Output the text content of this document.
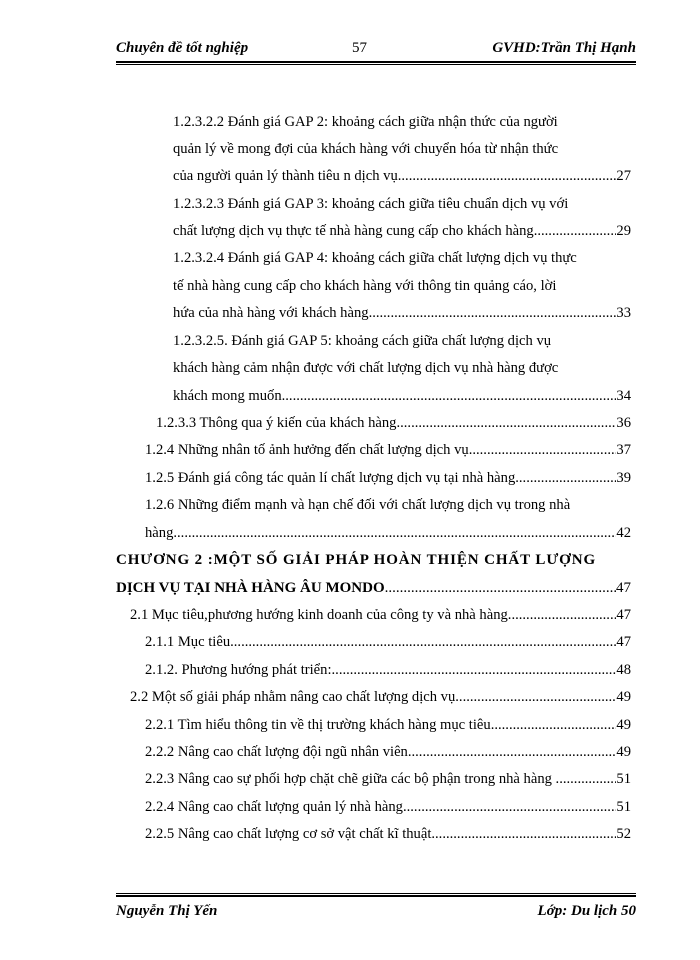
Chuyên đề tốt nghiệp	57	GVHD:Trần Thị Hạnh
1.2.3.2.2 Đánh giá GAP 2: khoảng cách giữa nhận thức của người
quản lý về mong đợi của khách hàng với chuyển hóa từ nhận thức
của người quản lý thành tiêu n dịch vụ. .....	27
1.2.3.2.3 Đánh giá GAP 3: khoảng cách giữa tiêu chuẩn dịch vụ với
chất lượng dịch vụ thực tế nhà hàng cung cấp cho khách hàng. .....	29
1.2.3.2.4 Đánh giá GAP 4: khoảng cách giữa chất lượng dịch vụ thực
tế nhà hàng cung cấp cho khách hàng với thông tin quảng cáo, lời
hứa của nhà hàng với khách hàng .....	33
1.2.3.2.5. Đánh giá GAP 5: khoảng cách giữa chất lượng dịch vụ
khách hàng cảm nhận được với chất lượng dịch vụ nhà hàng được
khách mong muốn. .....	34
1.2.3.3 Thông qua ý kiến của khách hàng .....	36
1.2.4 Những nhân tố ảnh hưởng đến chất lượng dịch vụ. .....	37
1.2.5 Đánh giá công tác quản lí chất lượng dịch vụ tại nhà hàng .....	39
1.2.6 Những điểm mạnh và hạn chế đối với chất lượng dịch vụ trong nhà
hàng .....	42
CHƯƠNG 2 :MỘT SỐ GIẢI PHÁP HOÀN THIỆN CHẤT LƯỢNG
DỊCH VỤ TẠI NHÀ HÀNG ÂU MONDO .....	47
2.1 Mục tiêu,phương hướng kinh doanh của công ty và nhà hàng .....	47
2.1.1 Mục tiêu .....	47
2.1.2. Phương hướng phát triển: .....	48
2.2 Một số giải pháp nhằm nâng cao chất lượng dịch vụ .....	49
2.2.1 Tìm hiểu thông tin về thị trường khách hàng mục tiêu .....	49
2.2.2 Nâng cao chất lượng đội ngũ nhân viên .....	49
2.2.3 Nâng cao sự phối hợp chặt chẽ giữa các bộ phận trong nhà hàng .. .....	51
2.2.4 Nâng cao chất lượng quản lý nhà hàng .....	51
2.2.5 Nâng cao chất lượng cơ sở vật chất kĩ thuật .....	52
Nguyễn Thị Yến	Lớp: Du lịch 50
